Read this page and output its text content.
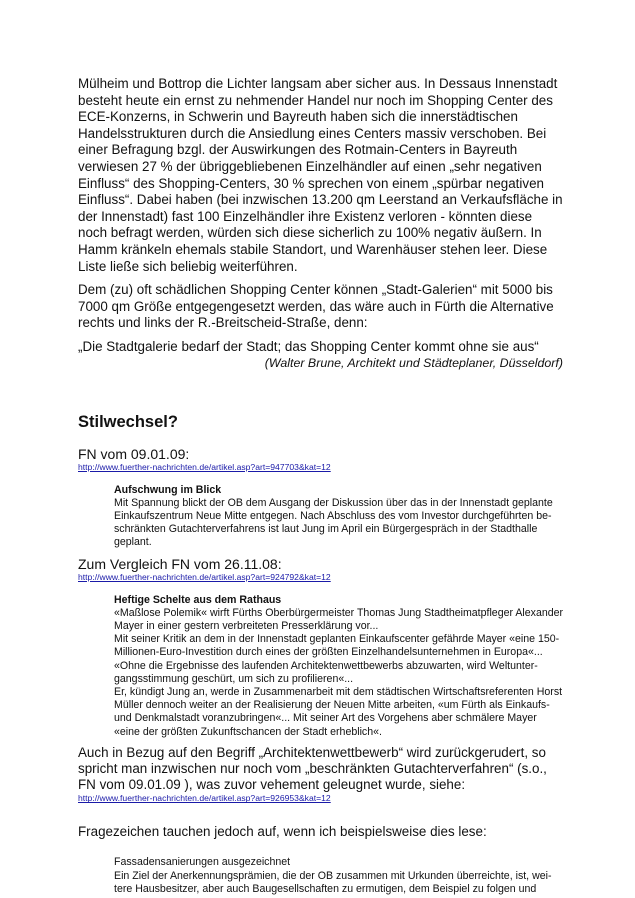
Mülheim und Bottrop die Lichter langsam aber sicher aus. In Dessaus Innenstadt besteht heute ein ernst zu nehmender Handel nur noch im Shopping Center des ECE-Konzerns, in Schwerin und Bayreuth haben sich die innerstädtischen Handelsstrukturen durch die Ansiedlung eines Centers massiv verschoben. Bei einer Befragung bzgl. der Auswirkungen des Rotmain-Centers in Bayreuth verwiesen 27 % der übriggebliebenen Einzelhändler auf einen „sehr negativen Einfluss“ des Shopping-Centers, 30 % sprechen von einem „spürbar negativen Einfluss“. Dabei haben (bei inzwischen 13.200 qm Leerstand an Verkaufsfläche in der Innenstadt) fast 100 Einzelhändler ihre Existenz verloren - könnten diese noch befragt werden, würden sich diese sicherlich zu 100% negativ äußern. In Hamm kränkeln ehemals stabile Standort, und Warenhäuser stehen leer. Diese Liste ließe sich beliebig weiterführen.

Dem (zu) oft schädlichen Shopping Center können „Stadt-Galerien“ mit 5000 bis 7000 qm Größe entgegengesetzt werden, das wäre auch in Fürth die Alternative rechts und links der R.-Breitscheid-Straße, denn:

„Die Stadtgalerie bedarf der Stadt; das Shopping Center kommt ohne sie aus“

(Walter Brune, Architekt und Städteplaner, Düsseldorf)

Stilwechsel?

FN vom 09.01.09:

http://www.fuerther-nachrichten.de/artikel.asp?art=947703&kat=12
Aufschwung im Blick

Mit Spannung blickt der OB dem Ausgang der Diskussion über das in der Innenstadt geplante Einkaufszentrum Neue Mitte entgegen. Nach Abschluss des vom Investor durchgeführten beschränkten Gutachterverfahrens ist laut Jung im April ein Bürgergespräch in der Stadthalle geplant.

Zum Vergleich FN vom 26.11.08:

http://www.fuerther-nachrichten.de/artikel.asp?art=924792&kat=12
Heftige Schelte aus dem Rathaus

«Maßlose Polemik« wirft Fürths Oberbürgermeister Thomas Jung Stadtheimatpfleger Alexander Mayer in einer gestern verbreiteten Presserklärung vor...

Mit seiner Kritik an dem in der Innenstadt geplanten Einkaufscenter gefährde Mayer «eine 150-Millionen-Euro-Investition durch eines der größten Einzelhandelsunternehmen in Europa«...

«Ohne die Ergebnisse des laufenden Architektenwettbewerbs abzuwarten, wird Weltuntergangsstimmung geschürt, um sich zu profilieren«...

Er, kündigt Jung an, werde in Zusammenarbeit mit dem städtischen Wirtschaftsreferenten Horst Müller dennoch weiter an der Realisierung der Neuen Mitte arbeiten, «um Fürth als Einkaufs- und Denkmalstadt voranzubringen«... Mit seiner Art des Vorgehens aber schmälere Mayer «eine der größten Zukunftschancen der Stadt erheblich«.

Auch in Bezug auf den Begriff „Architektenwettbewerb“ wird zurückgerudert, so spricht man inzwischen nur noch vom „beschränkten Gutachterverfahren“ (s.o., FN vom 09.01.09 ), was zuvor vehement geleugnet wurde, siehe:

http://www.fuerther-nachrichten.de/artikel.asp?art=926953&kat=12

Fragezeichen tauchen jedoch auf, wenn ich beispielsweise dies lese:

Fassadensanierungen ausgezeichnet

Ein Ziel der Anerkennungsprämien, die der OB zusammen mit Urkunden überreichte, ist, weitere Hausbesitzer, aber auch Baugesellschaften zu ermutigen, dem Beispiel zu folgen und
